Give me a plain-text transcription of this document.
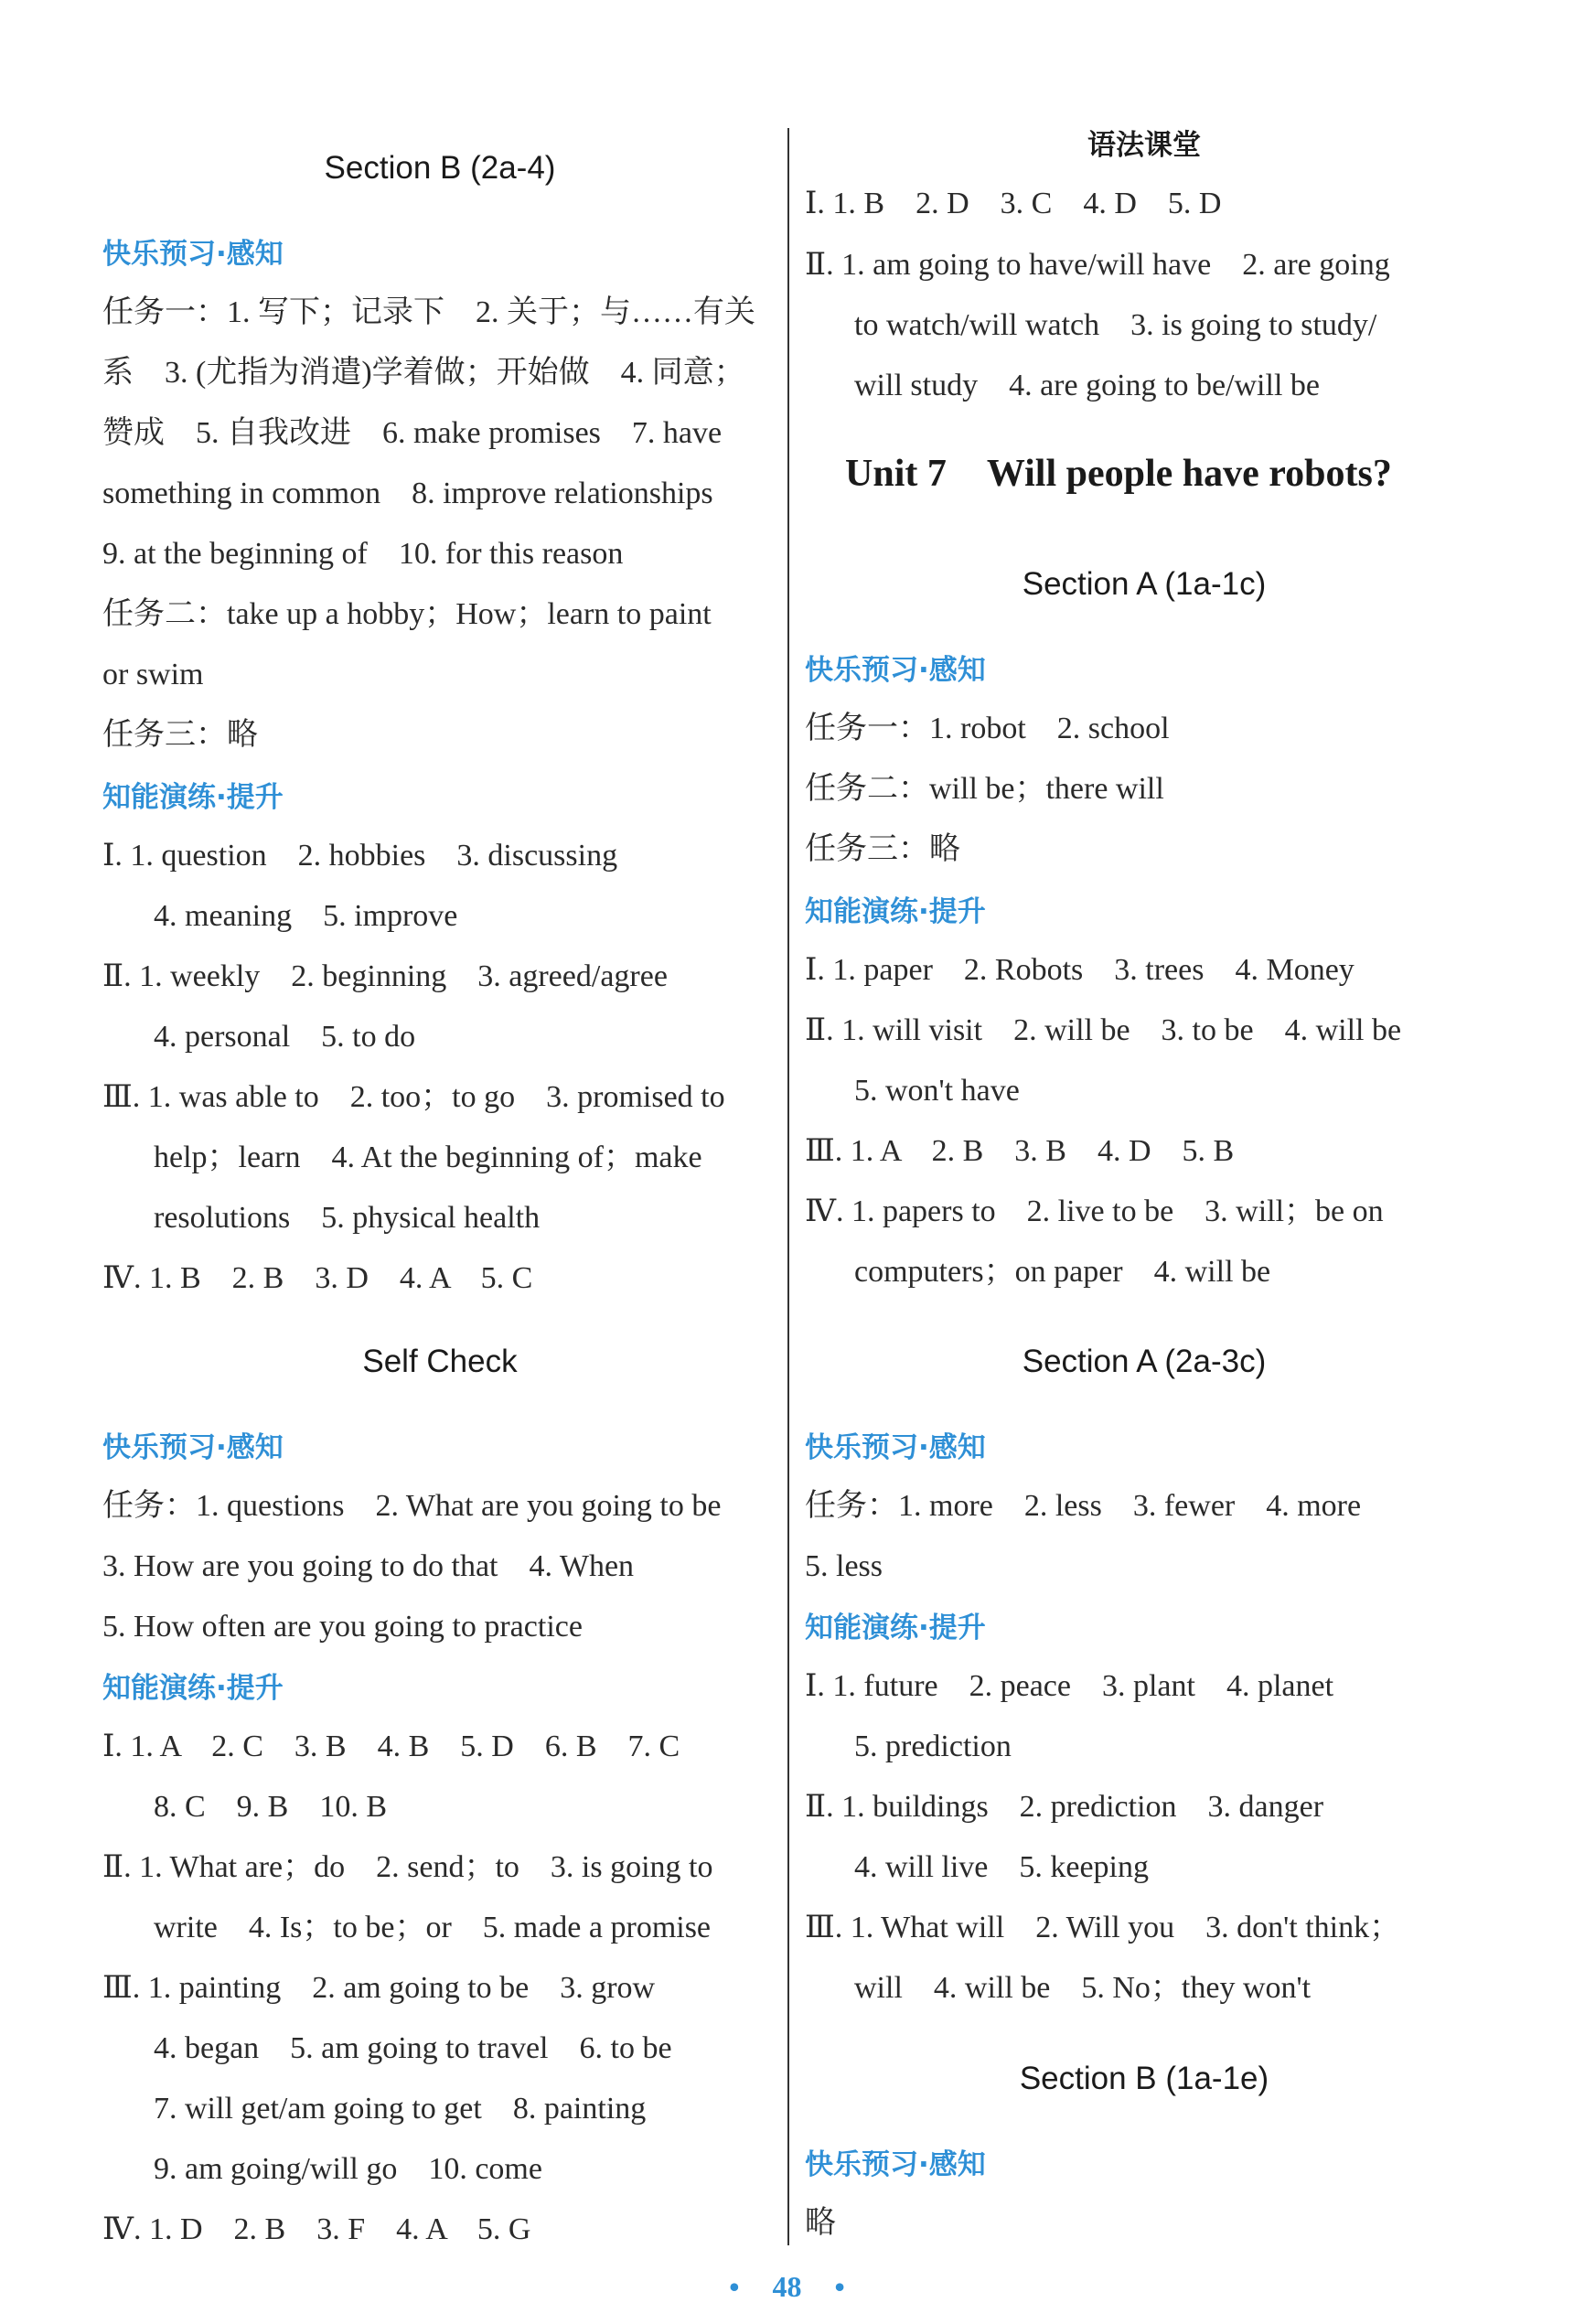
Section B (2a-4)
快乐预习·感知
任务一：1. 写下；记录下　2. 关于；与……有关
系　3. (尤指为消遣)学着做；开始做　4. 同意；
赞成　5. 自我改进　6. make promises　7. have
something in common　8. improve relationships
9. at the beginning of　10. for this reason
任务二：take up a hobby；How；learn to paint
or swim
任务三：略
知能演练·提升
Ⅰ. 1. question　2. hobbies　3. discussing
4. meaning　5. improve
Ⅱ. 1. weekly　2. beginning　3. agreed/agree
4. personal　5. to do
Ⅲ. 1. was able to　2. too；to go　3. promised to
help；learn　4. At the beginning of；make
resolutions　5. physical health
Ⅳ. 1. B　2. B　3. D　4. A　5. C
Self Check
快乐预习·感知
任务：1. questions　2. What are you going to be
3. How are you going to do that　4. When
5. How often are you going to practice
知能演练·提升
Ⅰ. 1. A　2. C　3. B　4. B　5. D　6. B　7. C
8. C　9. B　10. B
Ⅱ. 1. What are；do　2. send；to　3. is going to
write　4. Is；to be；or　5. made a promise
Ⅲ. 1. painting　2. am going to be　3. grow
4. began　5. am going to travel　6. to be
7. will get/am going to get　8. painting
9. am going/will go　10. come
Ⅳ. 1. D　2. B　3. F　4. A　5. G
语法课堂
Ⅰ. 1. B　2. D　3. C　4. D　5. D
Ⅱ. 1. am going to have/will have　2. are going
to watch/will watch　3. is going to study/
will study　4. are going to be/will be
Unit 7 Will people have robots?
Section A (1a-1c)
快乐预习·感知
任务一：1. robot　2. school
任务二：will be；there will
任务三：略
知能演练·提升
Ⅰ. 1. paper　2. Robots　3. trees　4. Money
Ⅱ. 1. will visit　2. will be　3. to be　4. will be
5. won't have
Ⅲ. 1. A　2. B　3. B　4. D　5. B
Ⅳ. 1. papers to　2. live to be　3. will；be on
computers；on paper　4. will be
Section A (2a-3c)
快乐预习·感知
任务：1. more　2. less　3. fewer　4. more
5. less
知能演练·提升
Ⅰ. 1. future　2. peace　3. plant　4. planet
5. prediction
Ⅱ. 1. buildings　2. prediction　3. danger
4. will live　5. keeping
Ⅲ. 1. What will　2. Will you　3. don't think；
will　4. will be　5. No；they won't
Section B (1a-1e)
快乐预习·感知
略
• 48 •
